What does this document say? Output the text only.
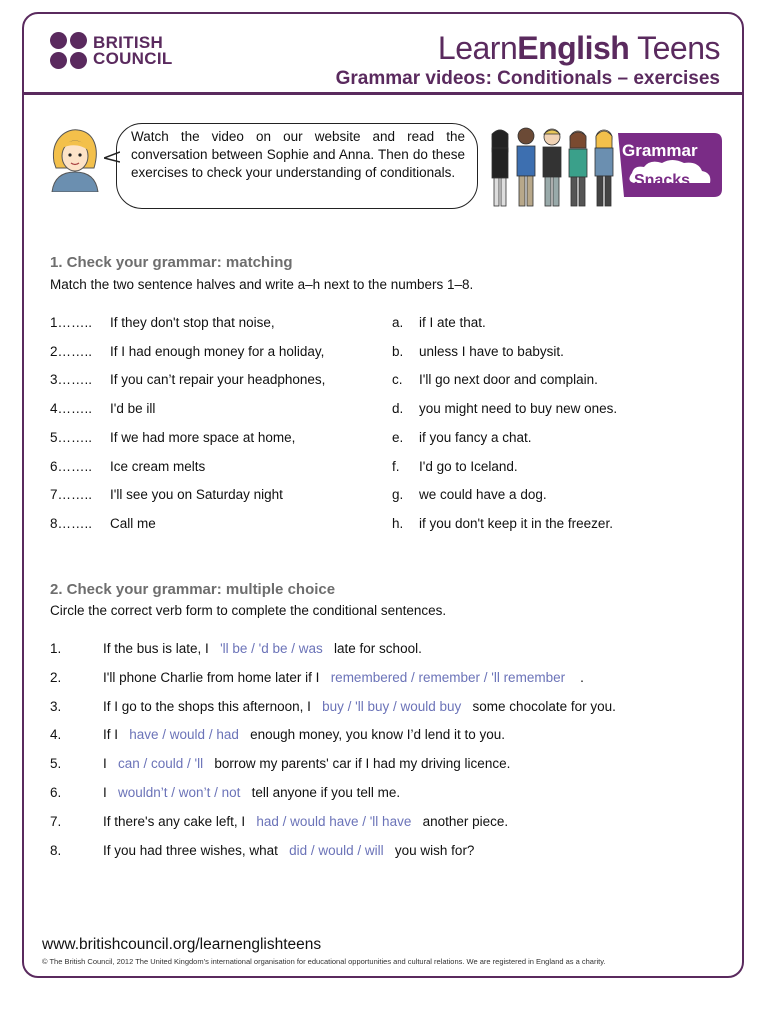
BRITISH
COUNCIL	LearnEnglish Teens
Grammar videos: Conditionals – exercises
Watch the video on our website and read the conversation between Sophie and Anna. Then do these exercises to check your understanding of conditionals.
Grammar
Snacks
1. Check your grammar: matching
Match the two sentence halves and write a–h next to the numbers 1–8.
1…….. If they don't stop that noise,	a. if I ate that.
2…….. If I had enough money for a holiday,	b. unless I have to babysit.
3…….. If you can’t repair your headphones,	c. I'll go next door and complain.
4…….. I'd be ill	d. you might need to buy new ones.
5…….. If we had more space at home,	e. if you fancy a chat.
6…….. Ice cream melts	f. I'd go to Iceland.
7…….. I'll see you on Saturday night	g. we could have a dog.
8…….. Call me	h. if you don't keep it in the freezer.
2. Check your grammar: multiple choice
Circle the correct verb form to complete the conditional sentences.
1.	If the bus is late, I   'll be / 'd be / was   late for school.
2.	I'll phone Charlie from home later if I   remembered / remember / 'll remember    .
3.	If I go to the shops this afternoon, I   buy / 'll buy / would buy   some chocolate for you.
4.	If I   have / would / had   enough money, you know I’d lend it to you.
5.	I   can / could / 'll   borrow my parents' car if I had my driving licence.
6.	I   wouldn’t / won’t / not   tell anyone if you tell me.
7.	If there's any cake left, I   had / would have / 'll have   another piece.
8.	If you had three wishes, what   did / would / will   you wish for?
www.britishcouncil.org/learnenglishteens
© The British Council, 2012 The United Kingdom’s international organisation for educational opportunities and cultural relations. We are registered in England as a charity.
